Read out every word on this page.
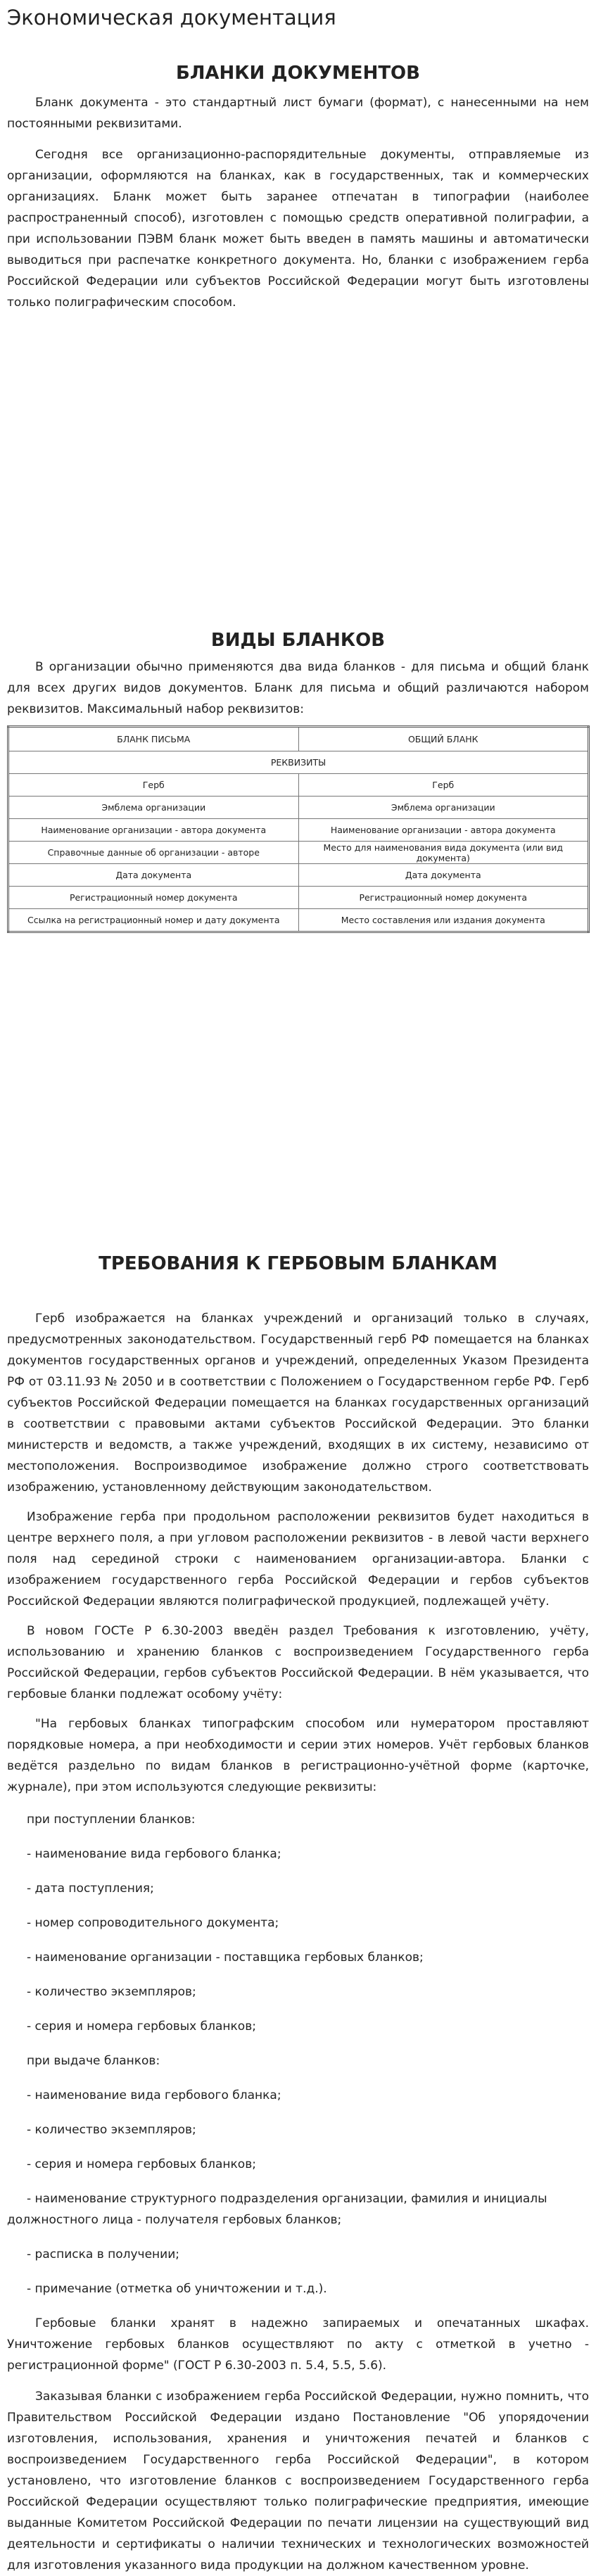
Экономическая документация
БЛАНКИ ДОКУМЕНТОВ

Бланк документа - это стандартный лист бумаги (формат), с нанесенными на нем постоянными реквизитами.

Сегодня все организационно-распорядительные документы, отправляемые из организации, оформляются на бланках, как в государственных, так и коммерческих организациях. Бланк может быть заранее отпечатан в типографии (наиболее распространенный способ), изготовлен с помощью средств оперативной полиграфии, а при использовании ПЭВМ бланк может быть введен в память машины и автоматически выводиться при распечатке конкретного документа. Но, бланки с изображением герба Российской Федерации или субъектов Российской Федерации могут быть изготовлены только полиграфическим способом.

ВИДЫ БЛАНКОВ

В организации обычно применяются два вида бланков - для письма и общий бланк для всех других видов документов. Бланк для письма и общий различаются набором реквизитов. Максимальный набор реквизитов:

БЛАНК ПИСЬМА	ОБЩИЙ БЛАНК
РЕКВИЗИТЫ	
Герб	Герб
Эмблема организации	Эмблема организации
Наименование организации - автора документа	Наименование организации - автора документа
Справочные данные об организации - авторе	Место для наименования вида документа (или вид документа)
Дата документа	Дата документа
Регистрационный номер документа	Регистрационный номер документа
Ссылка на регистрационный номер и дату документа	Место составления или издания документа
ТРЕБОВАНИЯ К ГЕРБОВЫМ БЛАНКАМ

Герб изображается на бланках учреждений и организаций только в случаях, предусмотренных законодательством. Государственный герб РФ помещается на бланках документов государственных органов и учреждений, определенных Указом Президента РФ от 03.11.93 № 2050 и в соответствии с Положением о Государственном гербе РФ. Герб субъектов Российской Федерации помещается на бланках государственных организаций в соответствии с правовыми актами субъектов Российской Федерации. Это бланки министерств и ведомств, а также учреждений, входящих в их систему, независимо от местоположения. Воспроизводимое изображение должно строго соответствовать изображению, установленному действующим законодательством.

Изображение герба при продольном расположении реквизитов будет находиться в центре верхнего поля, а при угловом расположении реквизитов - в левой части верхнего поля над серединой строки с наименованием организации-автора. Бланки с изображением государственного герба Российской Федерации и гербов субъектов Российской Федерации являются полиграфической продукцией, подлежащей учёту.

В новом ГОСТе Р 6.30-2003 введён раздел Требования к изготовлению, учёту, использованию и хранению бланков с воспроизведением Государственного герба Российской Федерации, гербов субъектов Российской Федерации. В нём указывается, что гербовые бланки подлежат особому учёту:

"На гербовых бланках типографским способом или нумератором проставляют порядковые номера, а при необходимости и серии этих номеров. Учёт гербовых бланков ведётся раздельно по видам бланков в регистрационно-учётной форме (карточке, журнале), при этом используются следующие реквизиты:

при поступлении бланков:
- наименование вида гербового бланка;
- дата поступления;
- номер сопроводительного документа;
- наименование организации - поставщика гербовых бланков;
- количество экземпляров;
- серия и номера гербовых бланков;
при выдаче бланков:
- наименование вида гербового бланка;
- количество экземпляров;
- серия и номера гербовых бланков;
- наименование структурного подразделения организации, фамилия и инициалы должностного лица - получателя гербовых бланков;
- расписка в получении;
- примечание (отметка об уничтожении и т.д.).

Гербовые бланки хранят в надежно запираемых и опечатанных шкафах. Уничтожение гербовых бланков осуществляют по акту с отметкой в учетно - регистрационной форме" (ГОСТ Р 6.30-2003 п. 5.4, 5.5, 5.6).

Заказывая бланки с изображением герба Российской Федерации, нужно помнить, что Правительством Российской Федерации издано Постановление "Об упорядочении изготовления, использования, хранения и уничтожения печатей и бланков с воспроизведением Государственного герба Российской Федерации", в котором установлено, что изготовление бланков с воспроизведением Государственного герба Российской Федерации осуществляют только полиграфические предприятия, имеющие выданные Комитетом Российской Федерации по печати лицензии на существующий вид деятельности и сертификаты о наличии технических и технологических возможностей для изготовления указанного вида продукции на должном качественном уровне.
